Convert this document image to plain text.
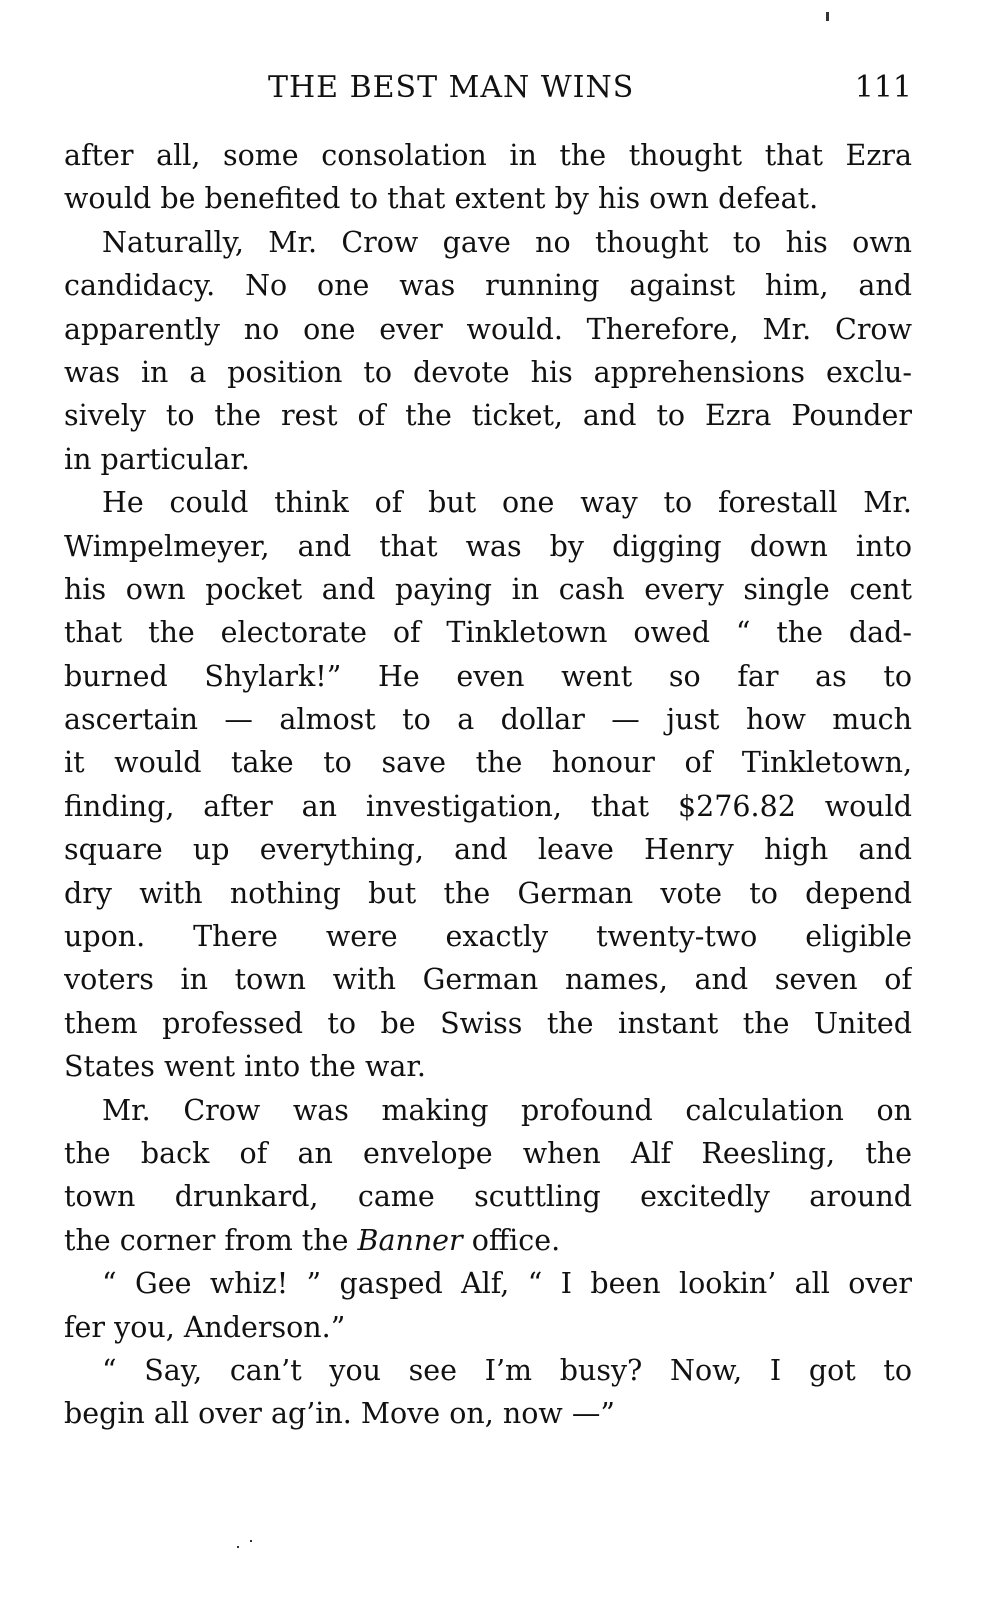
THE BEST MAN WINS	111
after all, some consolation in the thought that Ezra
would be benefited to that extent by his own defeat.
Naturally, Mr. Crow gave no thought to his own
candidacy. No one was running against him, and
apparently no one ever would. Therefore, Mr. Crow
was in a position to devote his apprehensions exclu-
sively to the rest of the ticket, and to Ezra Pounder
in particular.
He could think of but one way to forestall Mr.
Wimpelmeyer, and that was by digging down into
his own pocket and paying in cash every single cent
that the electorate of Tinkletown owed “ the dad-
burned Shylark!” He even went so far as to
ascertain — almost to a dollar — just how much
it would take to save the honour of Tinkletown,
finding, after an investigation, that $276.82 would
square up everything, and leave Henry high and
dry with nothing but the German vote to depend
upon. There were exactly twenty-two eligible
voters in town with German names, and seven of
them professed to be Swiss the instant the United
States went into the war.
Mr. Crow was making profound calculation on
the back of an envelope when Alf Reesling, the
town drunkard, came scuttling excitedly around
the corner from the Banner office.
“ Gee whiz! ” gasped Alf, “ I been lookin’ all over
fer you, Anderson.”
“ Say, can’t you see I’m busy? Now, I got to
begin all over ag’in. Move on, now —”
